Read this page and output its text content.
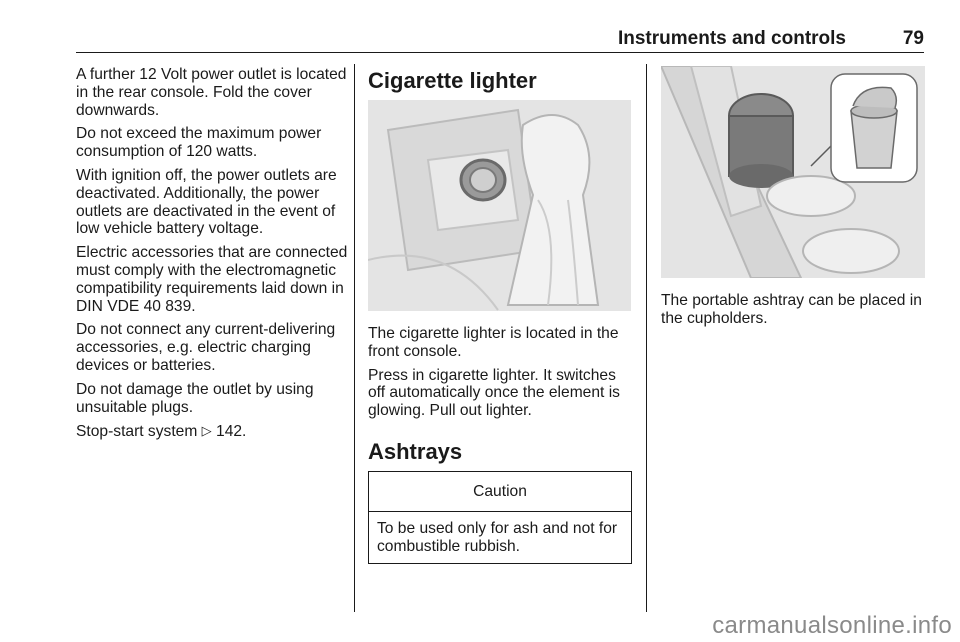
Instruments and controls	79

A further 12 Volt power outlet is located in the rear console. Fold the cover downwards.

Do not exceed the maximum power consumption of 120 watts.

With ignition off, the power outlets are deactivated. Additionally, the power outlets are deactivated in the event of low vehicle battery voltage.

Electric accessories that are connected must comply with the electromagnetic compatibility requirements laid down in DIN VDE 40 839.

Do not connect any current-delivering accessories, e.g. electric charging devices or batteries.

Do not damage the outlet by using unsuitable plugs.

Stop-start system ▷ 142.

Cigarette lighter

The cigarette lighter is located in the front console.

Press in cigarette lighter. It switches off automatically once the element is glowing. Pull out lighter.

Ashtrays
Caution
To be used only for ash and not for combustible rubbish.
The portable ashtray can be placed in the cupholders.
carmanualsonline.info
